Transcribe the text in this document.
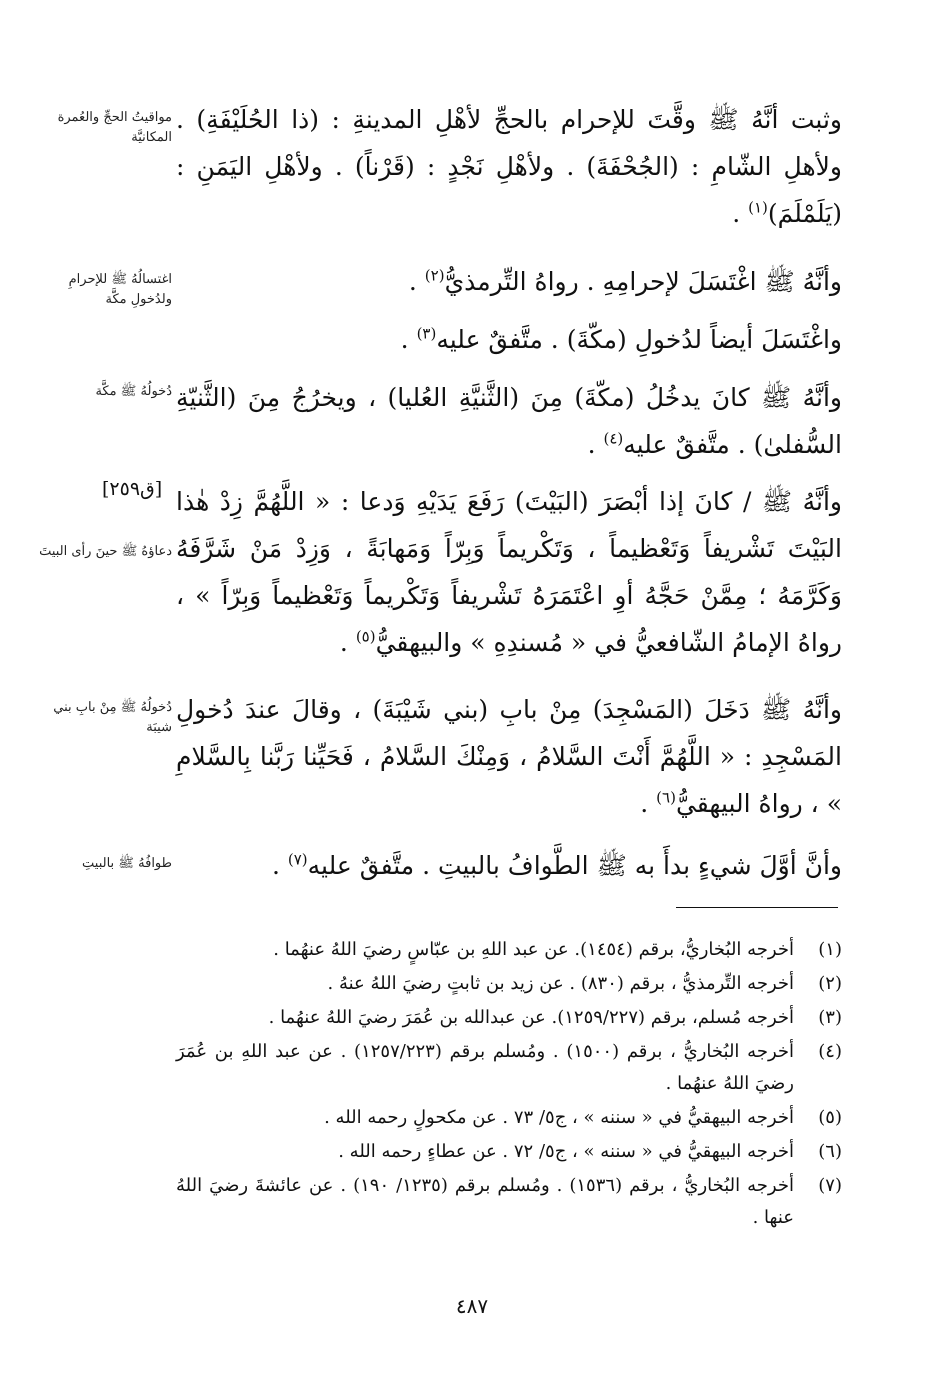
وثبت أنَّهُ ﷺ وقَّتَ للإحرام بالحجِّ لأهْلِ المدينةِ : (ذا الحُلَيْفَةِ) . ولأهلِ الشّامِ : (الجُحْفَةَ) . ولأهْلِ نَجْدٍ : (قَرْناً) . ولأهْلِ اليَمَنِ : (يَلَمْلَمَ)$^{(١)}$ .

وأنَّهُ ﷺ اغْتَسَلَ لإحرامِهِ . رواهُ التِّرمذيُّ$^{(٢)}$ .

واغْتَسَلَ أيضاً لدُخولِ (مكّةَ) . متَّفقٌ عليه$^{(٣)}$ .

وأنَّهُ ﷺ كانَ يدخُلُ (مكّةَ) مِنَ (الثَّنيَّةِ العُليا) ، ويخرُجُ مِنَ (الثَّنيّةِ السُّفلىٰ) . متَّفقٌ عليه$^{(٤)}$ .

وأنَّهُ ﷺ / كانَ إذا أبْصَرَ (البَيْتَ) رَفَعَ يَدَيْهِ وَدعا : « اللَّهُمَّ زِدْ هٰذا البَيْتَ تَشْريفاً وَتَعْظيماً ، وَتَكْريماً وَبِرّاً وَمَهابَةً ، وَزِدْ مَنْ شَرَّفَهُ وَكَرَّمَهُ ؛ مِمَّنْ حَجَّهُ أوِ اعْتَمَرَهُ تَشْريفاً وَتَكْريماً وَتَعْظيماً وَبِرّاً » ، رواهُ الإمامُ الشّافعيُّ في « مُسندِهِ » والبيهقيُّ$^{(٥)}$ .

وأنَّهُ ﷺ دَخَلَ (المَسْجِدَ) مِنْ بابِ (بني شَيْبَةَ) ، وقالَ عندَ دُخولِ المَسْجِدِ : « اللَّهُمَّ أَنْتَ السَّلامُ ، وَمِنْكَ السَّلامُ ، فَحَيِّنا رَبَّنا بِالسَّلامِ » ، رواهُ البيهقيُّ$^{(٦)}$ .

وأنَّ أوَّلَ شيءٍ بدأَ به ﷺ الطَّوافُ بالبيتِ . متَّفقٌ عليه$^{(٧)}$ .

مواقيتُ الحجِّ والعُمرة المكانيَّة
اغتسالُهُ ﷺ للإحرامِ ولدُخولِ مكَّة
دُخولُهُ ﷺ مكَّة
دعاؤهُ ﷺ حينَ رأى البيتَ
دُخولُهُ ﷺ مِنْ بابِ بني شيبَة
طوافُهُ ﷺ بالبيتِ
[ق٢٥٩]
(١)
أخرجه البُخاريُّ، برقم (١٤٥٤). عن عبد اللهِ بن عبّاسٍ رضيَ اللهُ عنهُما .
(٢)
أخرجه التِّرمذيُّ ، برقم (٨٣٠) . عن زيد بن ثابتٍ رضيَ اللهُ عنهُ .
(٣)
أخرجه مُسلم، برقم (١٢٥٩/٢٢٧). عن عبدالله بن عُمَرَ رضيَ اللهُ عنهُما .
(٤)
أخرجه البُخاريُّ ، برقم (١٥٠٠) . ومُسلم برقم (١٢٥٧/٢٢٣) . عن عبد اللهِ بن عُمَرَ رضيَ اللهُ عنهُما .
(٥)
أخرجه البيهقيُّ في « سننه » ، ج٥/ ٧٣ . عن مكحولٍ رحمه الله .
(٦)
أخرجه البيهقيُّ في « سننه » ، ج٥/ ٧٢ . عن عطاءٍ رحمه الله .
(٧)
أخرجه البُخاريُّ ، برقم (١٥٣٦) . ومُسلم برقم (١٢٣٥/ ١٩٠) . عن عائشةَ رضيَ اللهُ عنها .
٤٨٧
